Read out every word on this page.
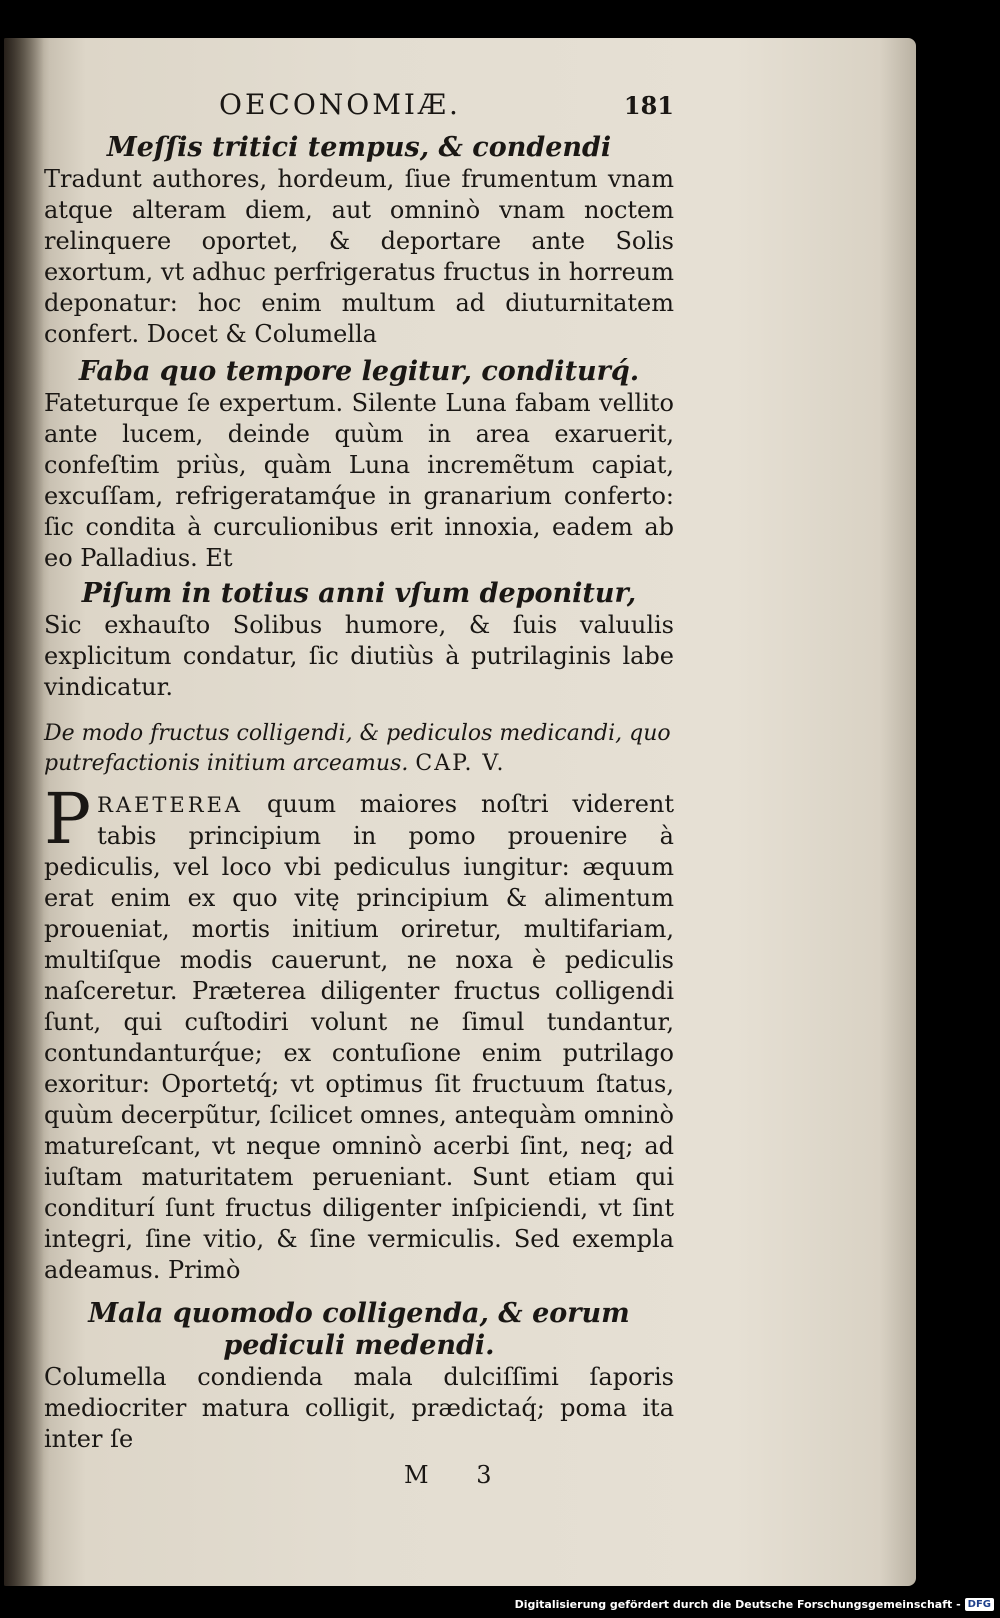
OECONOMIÆ.	181

Meſſis tritici tempus, & condendi

Tradunt authores, hordeum, ſiue frumentum vnam atque alteram diem, aut omninò vnam noctem relinquere oportet, & deportare ante Solis exortum, vt adhuc perfrigeratus fructus in horreum deponatur: hoc enim multum ad diuturnitatem confert. Docet & Columella

Faba quo tempore legitur, conditurq́.

Fateturque ſe expertum. Silente Luna fabam vellito ante lucem, deinde quùm in area exaruerit, confeſtim priùs, quàm Luna incremẽtum capiat, excuſſam, refrigeratamq́ue in granarium conferto: ſic condita à curculionibus erit innoxia, eadem ab eo Palladius. Et

Piſum in totius anni vſum deponitur,

Sic exhauſto Solibus humore, & ſuis valuulis explicitum condatur, ſic diutiùs à putrilaginis labe vindicatur.

De modo fructus colligendi, & pediculos medicandi, quo putrefactionis initium arceamus. CAP. V.

P RAETEREA quum maiores noſtri viderent tabis principium in pomo prouenire à pediculis, vel loco vbi pediculus iungitur: æquum erat enim ex quo vitę principium & alimentum proueniat, mortis initium oriretur, multifariam, multiſque modis cauerunt, ne noxa è pediculis naſceretur. Præterea diligenter fructus colligendi ſunt, qui cuſtodiri volunt ne ſimul tundantur, contundanturq́ue; ex contuſione enim putrilago exoritur: Oportetq́; vt optimus ſit fructuum ſtatus, quùm decerpũtur, ſcilicet omnes, antequàm omninò matureſcant, vt neque omninò acerbi ſint, neq; ad iuſtam maturitatem perueniant. Sunt etiam qui conditurí ſunt fructus diligenter inſpiciendi, vt ſint integri, ſine vitio, & ſine vermiculis. Sed exempla adeamus. Primò

Mala quomodo colligenda, & eorum pediculi medendi.

Columella condienda mala dulciſſimi ſaporis mediocriter matura colligit, prædictaq́; poma ita inter ſe

M 3
Digitalisierung gefördert durch die Deutsche Forschungsgemeinschaft - DFG
